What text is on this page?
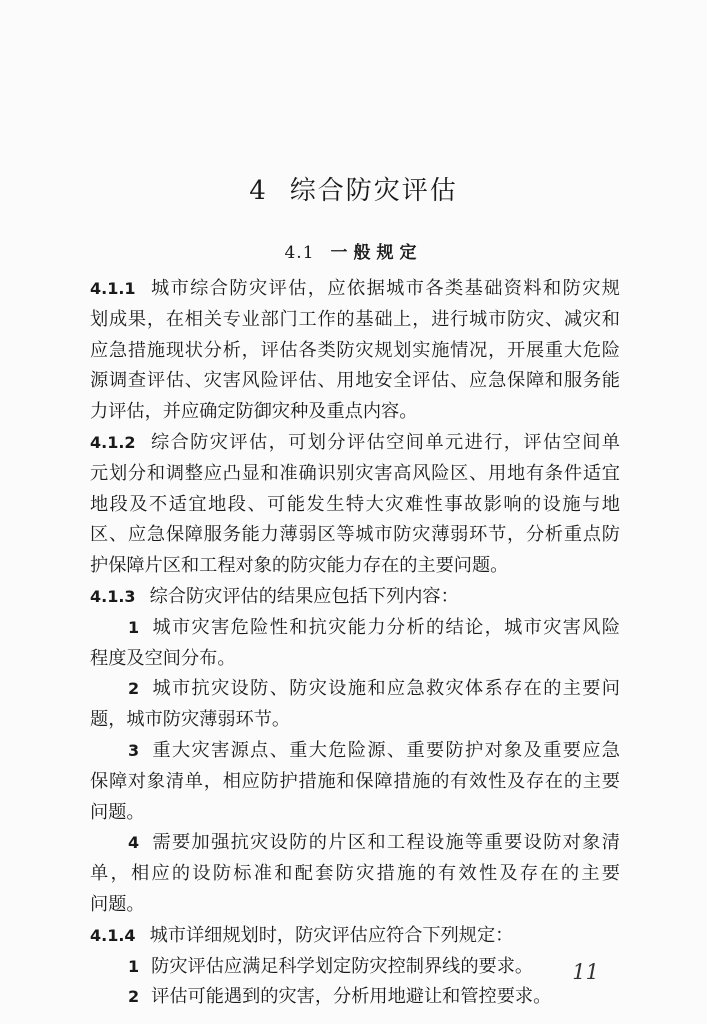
4 综合防灾评估
4.1 一般规定
4.1.1 城市综合防灾评估，应依据城市各类基础资料和防灾规
划成果，在相关专业部门工作的基础上，进行城市防灾、减灾和
应急措施现状分析，评估各类防灾规划实施情况，开展重大危险
源调查评估、灾害风险评估、用地安全评估、应急保障和服务能
力评估，并应确定防御灾种及重点内容。
4.1.2 综合防灾评估，可划分评估空间单元进行，评估空间单
元划分和调整应凸显和准确识别灾害高风险区、用地有条件适宜
地段及不适宜地段、可能发生特大灾难性事故影响的设施与地
区、应急保障服务能力薄弱区等城市防灾薄弱环节，分析重点防
护保障片区和工程对象的防灾能力存在的主要问题。
4.1.3 综合防灾评估的结果应包括下列内容：
1 城市灾害危险性和抗灾能力分析的结论，城市灾害风险
程度及空间分布。
2 城市抗灾设防、防灾设施和应急救灾体系存在的主要问
题，城市防灾薄弱环节。
3 重大灾害源点、重大危险源、重要防护对象及重要应急
保障对象清单，相应防护措施和保障措施的有效性及存在的主要
问题。
4 需要加强抗灾设防的片区和工程设施等重要设防对象清
单，相应的设防标准和配套防灾措施的有效性及存在的主要
问题。
4.1.4 城市详细规划时，防灾评估应符合下列规定：
1 防灾评估应满足科学划定防灾控制界线的要求。
2 评估可能遇到的灾害，分析用地避让和管控要求。
11
